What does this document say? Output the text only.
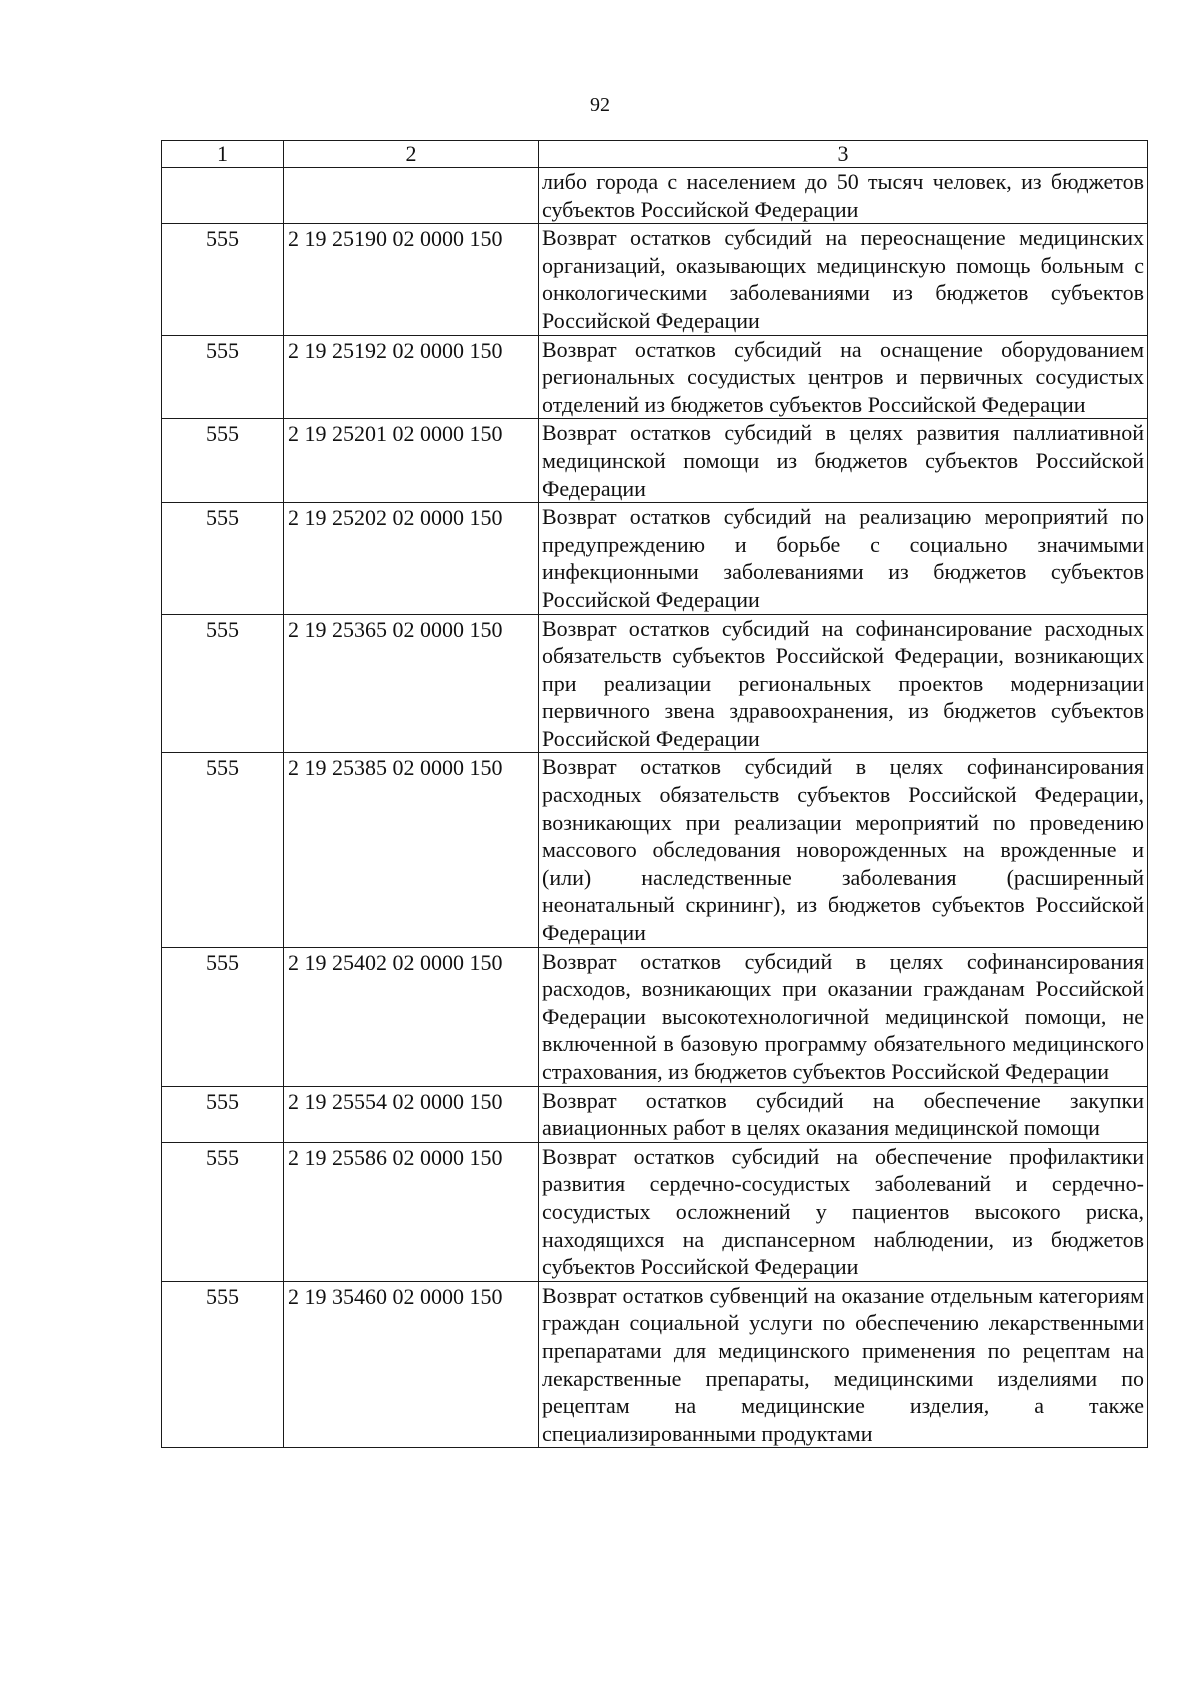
92
1	2	3
		либо города с населением до 50 тысяч человек, из бюджетов субъектов Российской Федерации
555	2 19 25190 02 0000 150	Возврат остатков субсидий на переоснащение медицинских организаций, оказывающих медицинскую помощь больным с онкологическими заболеваниями из бюджетов субъектов Российской Федерации
555	2 19 25192 02 0000 150	Возврат остатков субсидий на оснащение оборудованием региональных сосудистых центров и первичных сосудистых отделений из бюджетов субъектов Российской Федерации
555	2 19 25201 02 0000 150	Возврат остатков субсидий в целях развития паллиативной медицинской помощи из бюджетов субъектов Российской Федерации
555	2 19 25202 02 0000 150	Возврат остатков субсидий на реализацию мероприятий по предупреждению и борьбе с социально значимыми инфекционными заболеваниями из бюджетов субъектов Российской Федерации
555	2 19 25365 02 0000 150	Возврат остатков субсидий на софинансирование расходных обязательств субъектов Российской Федерации, возникающих при реализации региональных проектов модернизации первичного звена здравоохранения, из бюджетов субъектов Российской Федерации
555	2 19 25385 02 0000 150	Возврат остатков субсидий в целях софинансирования расходных обязательств субъектов Российской Федерации, возникающих при реализации мероприятий по проведению массового обследования новорожденных на врожденные и (или) наследственные заболевания (расширенный неонатальный скрининг), из бюджетов субъектов Российской Федерации
555	2 19 25402 02 0000 150	Возврат остатков субсидий в целях софинансирования расходов, возникающих при оказании гражданам Российской Федерации высокотехнологичной медицинской помощи, не включенной в базовую программу обязательного медицинского страхования, из бюджетов субъектов Российской Федерации
555	2 19 25554 02 0000 150	Возврат остатков субсидий на обеспечение закупки авиационных работ в целях оказания медицинской помощи
555	2 19 25586 02 0000 150	Возврат остатков субсидий на обеспечение профилактики развития сердечно-сосудистых заболеваний и сердечно-сосудистых осложнений у пациентов высокого риска, находящихся на диспансерном наблюдении, из бюджетов субъектов Российской Федерации
555	2 19 35460 02 0000 150	Возврат остатков субвенций на оказание отдельным категориям граждан социальной услуги по обеспечению лекарственными препаратами для медицинского применения по рецептам на лекарственные препараты, медицинскими изделиями по рецептам на медицинские изделия, а также специализированными продуктами
